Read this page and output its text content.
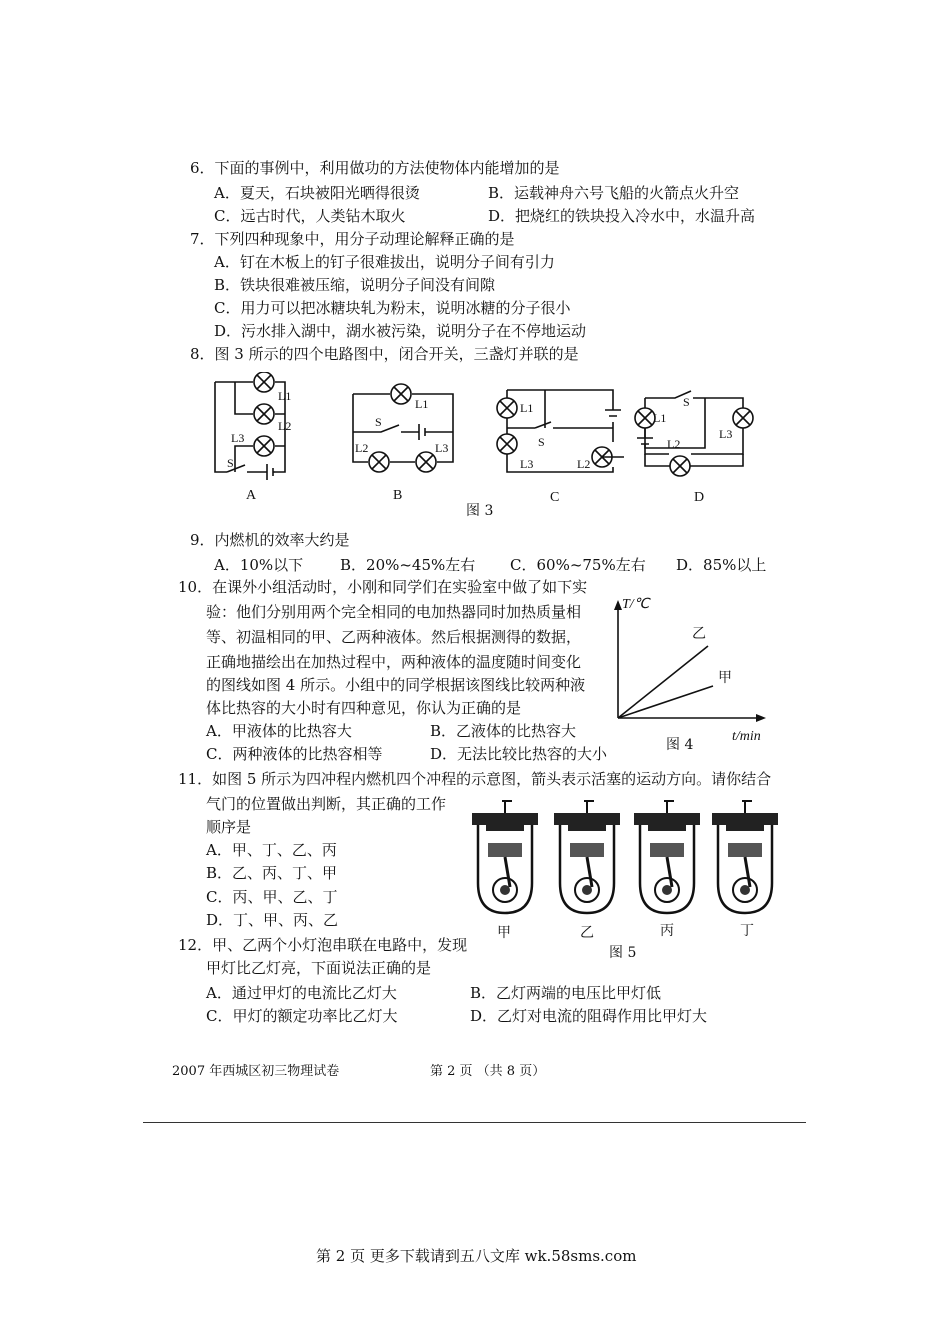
6．下面的事例中，利用做功的方法使物体内能增加的是
A．夏天，石块被阳光晒得很烫	B．运载神舟六号飞船的火箭点火升空
C．远古时代，人类钻木取火	D．把烧红的铁块投入冷水中，水温升高
7．下列四种现象中，用分子动理论解释正确的是
A．钉在木板上的钉子很难拔出，说明分子间有引力
B．铁块很难被压缩，说明分子间没有间隙
C．用力可以把冰糖块轧为粉末，说明冰糖的分子很小
D．污水排入湖中，湖水被污染，说明分子在不停地运动
8．图 3 所示的四个电路图中，闭合开关，三盏灯并联的是
L1
L2
L3
S
L1
S
L2	L3
L1
S
L3	L2
S
L1
L2
L3
A	B	C	D
图 3
9．内燃机的效率大约是
A．10%以下 B．20%~45%左右 C．60%~75%左右 D．85%以上
10．在课外小组活动时，小刚和同学们在实验室中做了如下实
验：他们分别用两个完全相同的电加热器同时加热质量相
等、初温相同的甲、乙两种液体。然后根据测得的数据，
正确地描绘出在加热过程中，两种液体的温度随时间变化
的图线如图 4 所示。小组中的同学根据该图线比较两种液
体比热容的大小时有四种意见，你认为正确的是
A．甲液体的比热容大	B．乙液体的比热容大
C．两种液体的比热容相等	D．无法比较比热容的大小
T/℃
乙
甲
t/min
图 4
11．如图 5 所示为四冲程内燃机四个冲程的示意图，箭头表示活塞的运动方向。请你结合
气门的位置做出判断，其正确的工作
顺序是
A．甲、丁、乙、丙
B．乙、丙、丁、甲
C．丙、甲、乙、丁
D．丁、甲、丙、乙
甲	乙	丙	丁
图 5
12．甲、乙两个小灯泡串联在电路中，发现
甲灯比乙灯亮，下面说法正确的是
A．通过甲灯的电流比乙灯大	B．乙灯两端的电压比甲灯低
C．甲灯的额定功率比乙灯大	D．乙灯对电流的阻碍作用比甲灯大
2007 年西城区初三物理试卷	第 2 页 （共 8 页）
第 2 页 更多下载请到五八文库 wk.58sms.com
